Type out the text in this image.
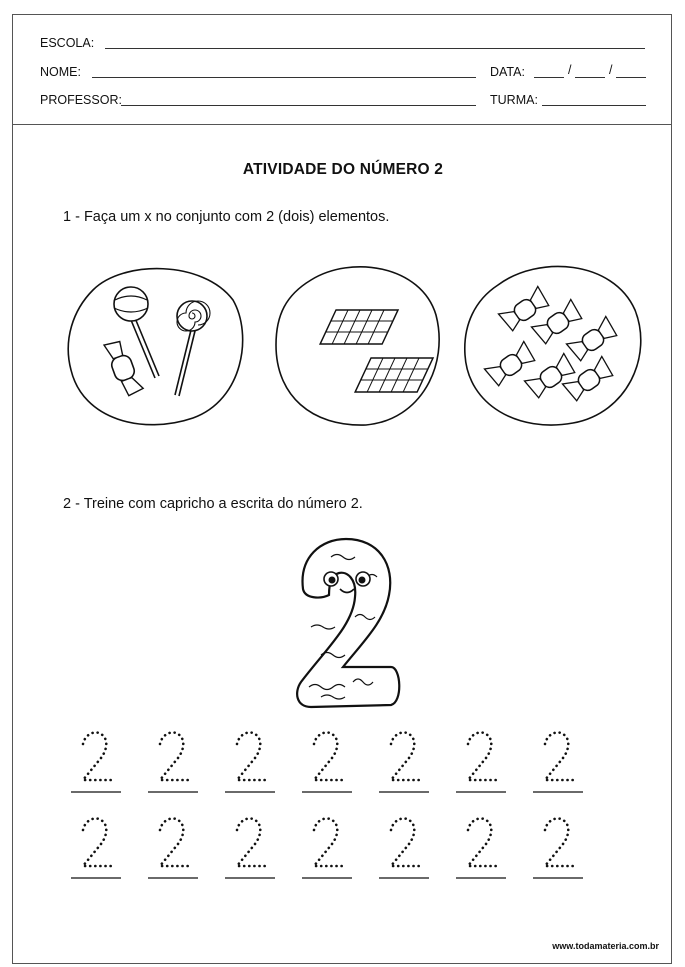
ESCOLA:
NOME:	DATA:	/	/
PROFESSOR:	TURMA:
ATIVIDADE DO NÚMERO 2
1 - Faça um x no conjunto com 2 (dois) elementos.
2 - Treine com capricho a escrita do número 2.
www.todamateria.com.br
